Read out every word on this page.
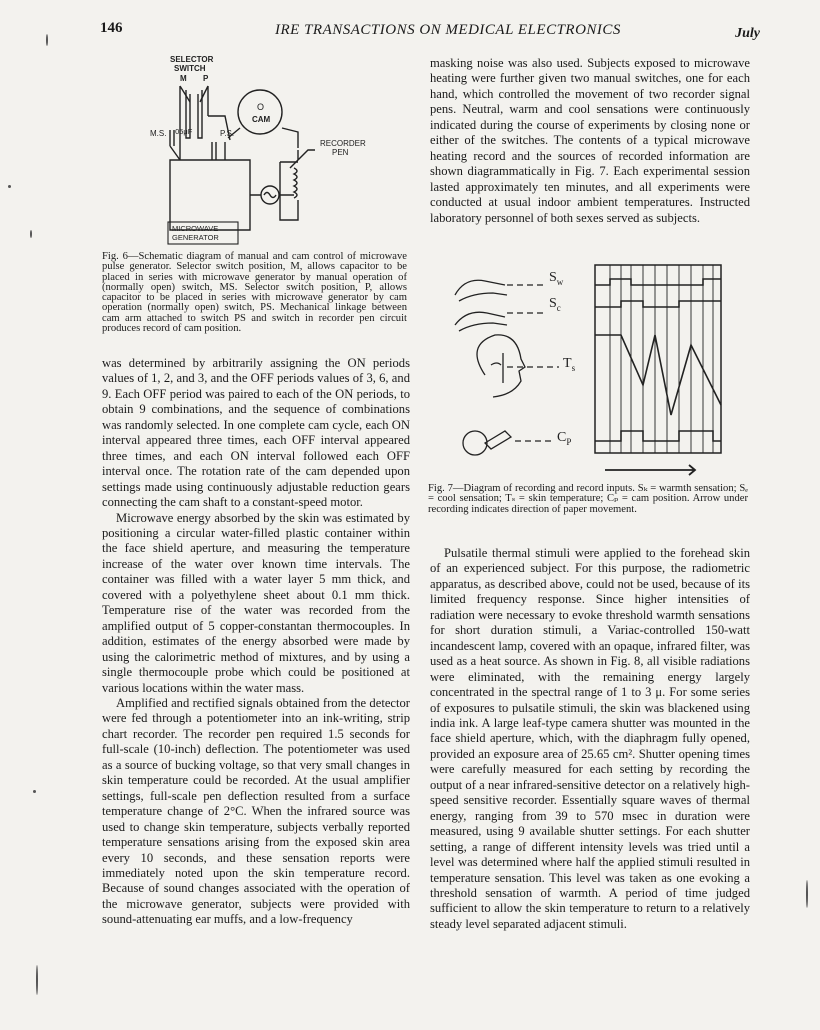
146	IRE TRANSACTIONS ON MEDICAL ELECTRONICS	July
SELECTOR
SWITCH
M P
M.S. .05μF	P.S.
O
CAM
RECORDER
PEN
MICROWAVE
GENERATOR
Fig. 6—Schematic diagram of manual and cam control of microwave pulse generator. Selector switch position, M, allows capacitor to be placed in series with microwave generator by manual operation of (normally open) switch, MS. Selector switch position, P, allows capacitor to be placed in series with microwave generator by cam operation (normally open) switch, PS. Mechanical linkage between cam arm attached to switch PS and switch in recorder pen circuit produces record of cam position.

masking noise was also used. Subjects exposed to microwave heating were further given two manual switches, one for each hand, which controlled the movement of two recorder signal pens. Neutral, warm and cool sensations were continuously indicated during the course of experiments by closing none or either of the switches. The contents of a typical microwave heating record and the sources of recorded information are shown diagrammatically in Fig. 7. Each experimental session lasted approximately ten minutes, and all experiments were conducted at usual indoor ambient temperatures. Instructed laboratory personnel of both sexes served as subjects.

$S_w$
$S_c$
$T_s$
$C_P$
Fig. 7—Diagram of recording and record inputs. Sₖ = warmth sensation; Sₑ = cool sensation; Tₛ = skin temperature; Cₚ = cam position. Arrow under recording indicates direction of paper movement.

was determined by arbitrarily assigning the ON periods values of 1, 2, and 3, and the OFF periods values of 3, 6, and 9. Each OFF period was paired to each of the ON periods, to obtain 9 combinations, and the sequence of combinations was randomly selected. In one complete cam cycle, each ON interval appeared three times, each OFF interval appeared three times, and each ON interval followed each OFF interval once. The rotation rate of the cam depended upon settings made using continuously adjustable reduction gears connecting the cam shaft to a constant-speed motor.

Microwave energy absorbed by the skin was estimated by positioning a circular water-filled plastic container within the face shield aperture, and measuring the temperature increase of the water over known time intervals. The container was filled with a water layer 5 mm thick, and covered with a polyethylene sheet about 0.1 mm thick. Temperature rise of the water was recorded from the amplified output of 5 copper-constantan thermocouples. In addition, estimates of the energy absorbed were made by using the calorimetric method of mixtures, and by using a single thermocouple probe which could be positioned at various locations within the water mass.

Amplified and rectified signals obtained from the detector were fed through a potentiometer into an ink-writing, strip chart recorder. The recorder pen required 1.5 seconds for full-scale (10-inch) deflection. The potentiometer was used as a source of bucking voltage, so that very small changes in skin temperature could be recorded. At the usual amplifier settings, full-scale pen deflection resulted from a surface temperature change of 2°C. When the infrared source was used to change skin temperature, subjects verbally reported temperature sensations arising from the exposed skin area every 10 seconds, and these sensation reports were immediately noted upon the skin temperature record. Because of sound changes associated with the operation of the microwave generator, subjects were provided with sound-attenuating ear muffs, and a low-frequency

Pulsatile thermal stimuli were applied to the forehead skin of an experienced subject. For this purpose, the radiometric apparatus, as described above, could not be used, because of its limited frequency response. Since higher intensities of radiation were necessary to evoke threshold warmth sensations for short duration stimuli, a Variac-controlled 150-watt incandescent lamp, covered with an opaque, infrared filter, was used as a heat source. As shown in Fig. 8, all visible radiations were eliminated, with the remaining energy largely concentrated in the spectral range of 1 to 3 μ. For some series of exposures to pulsatile stimuli, the skin was blackened using india ink. A large leaf-type camera shutter was mounted in the face shield aperture, which, with the diaphragm fully opened, provided an exposure area of 25.65 cm². Shutter opening times were carefully measured for each setting by recording the output of a near infrared-sensitive detector on a relatively high-speed sensitive recorder. Essentially square waves of thermal energy, ranging from 39 to 570 msec in duration were measured, using 9 available shutter settings. For each shutter setting, a range of different intensity levels was tried until a level was determined where half the applied stimuli resulted in temperature sensation. This level was taken as one evoking a threshold sensation of warmth. A period of time judged sufficient to allow the skin temperature to return to a relatively steady level separated adjacent stimuli.
